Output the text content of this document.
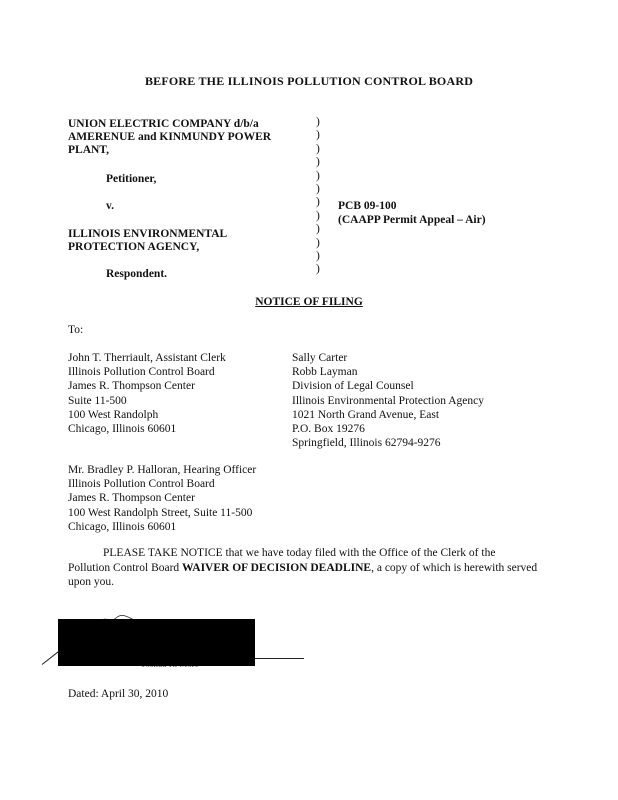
BEFORE THE ILLINOIS POLLUTION CONTROL BOARD
UNION ELECTRIC COMPANY d/b/a
AMERENUE and KINMUNDY POWER
PLANT,
Petitioner,
v.
ILLINOIS ENVIRONMENTAL
PROTECTION AGENCY,
Respondent.
)
)
)
)
)
)
)
)
)
)
)
)
PCB 09-100
(CAAPP Permit Appeal – Air)
NOTICE OF FILING
To:
John T. Therriault, Assistant Clerk
Illinois Pollution Control Board
James R. Thompson Center
Suite 11-500
100 West Randolph
Chicago, Illinois 60601
Sally Carter
Robb Layman
Division of Legal Counsel
Illinois Environmental Protection Agency
1021 North Grand Avenue, East
P.O. Box 19276
Springfield, Illinois 62794-9276
Mr. Bradley P. Halloran, Hearing Officer
Illinois Pollution Control Board
James R. Thompson Center
100 West Randolph Street, Suite 11-500
Chicago, Illinois 60601

PLEASE TAKE NOTICE that we have today filed with the Office of the Clerk of the Pollution Control Board WAIVER OF DECISION DEADLINE, a copy of which is herewith served upon you.

Dated: April 30, 2010
